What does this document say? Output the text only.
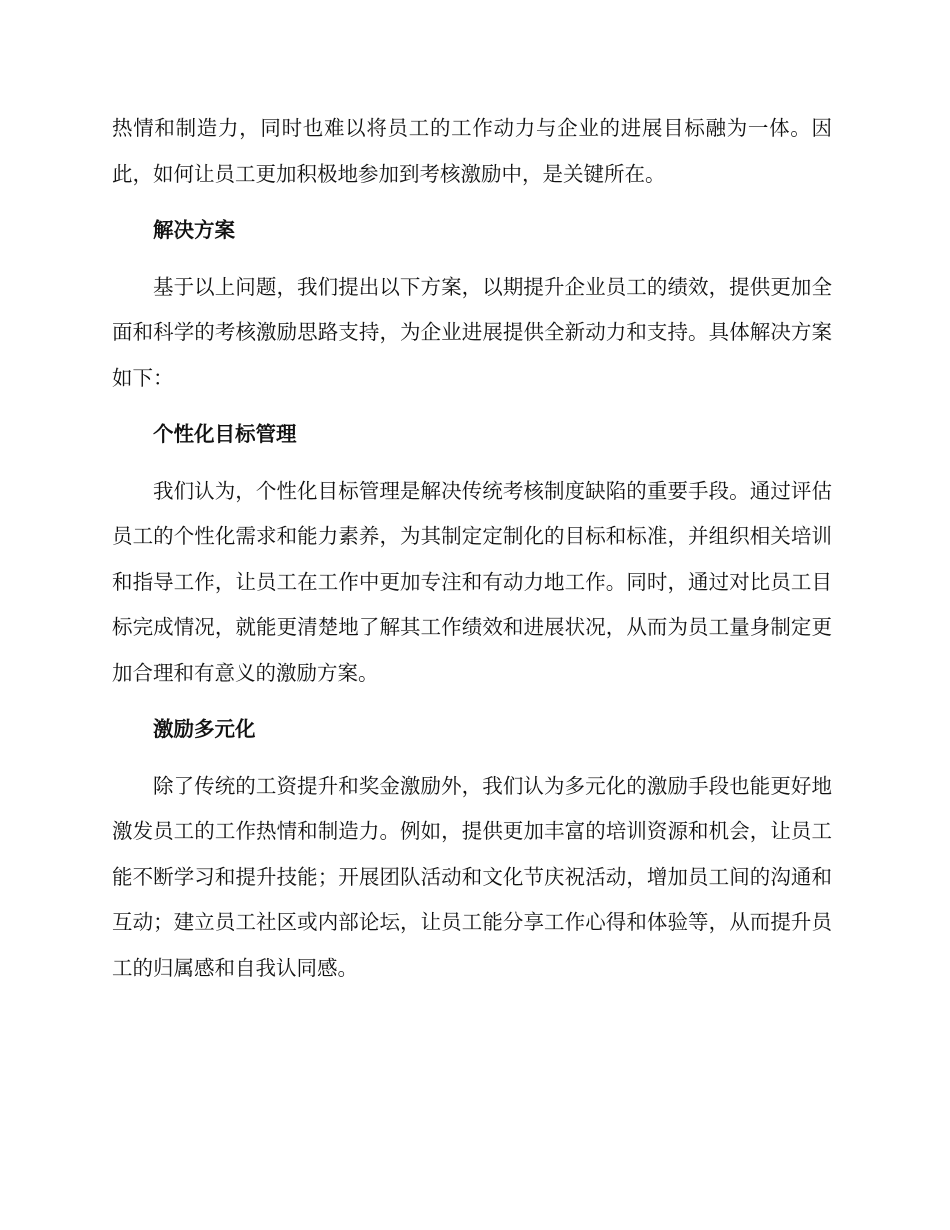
热情和制造力，同时也难以将员工的工作动力与企业的进展目标融为一体。因此，如何让员工更加积极地参加到考核激励中，是关键所在。

解决方案

基于以上问题，我们提出以下方案，以期提升企业员工的绩效，提供更加全面和科学的考核激励思路支持，为企业进展提供全新动力和支持。具体解决方案如下：

个性化目标管理

我们认为，个性化目标管理是解决传统考核制度缺陷的重要手段。通过评估员工的个性化需求和能力素养，为其制定定制化的目标和标准，并组织相关培训和指导工作，让员工在工作中更加专注和有动力地工作。同时，通过对比员工目标完成情况，就能更清楚地了解其工作绩效和进展状况，从而为员工量身制定更加合理和有意义的激励方案。

激励多元化

除了传统的工资提升和奖金激励外，我们认为多元化的激励手段也能更好地激发员工的工作热情和制造力。例如，提供更加丰富的培训资源和机会，让员工能不断学习和提升技能；开展团队活动和文化节庆祝活动，增加员工间的沟通和互动；建立员工社区或内部论坛，让员工能分享工作心得和体验等，从而提升员工的归属感和自我认同感。
